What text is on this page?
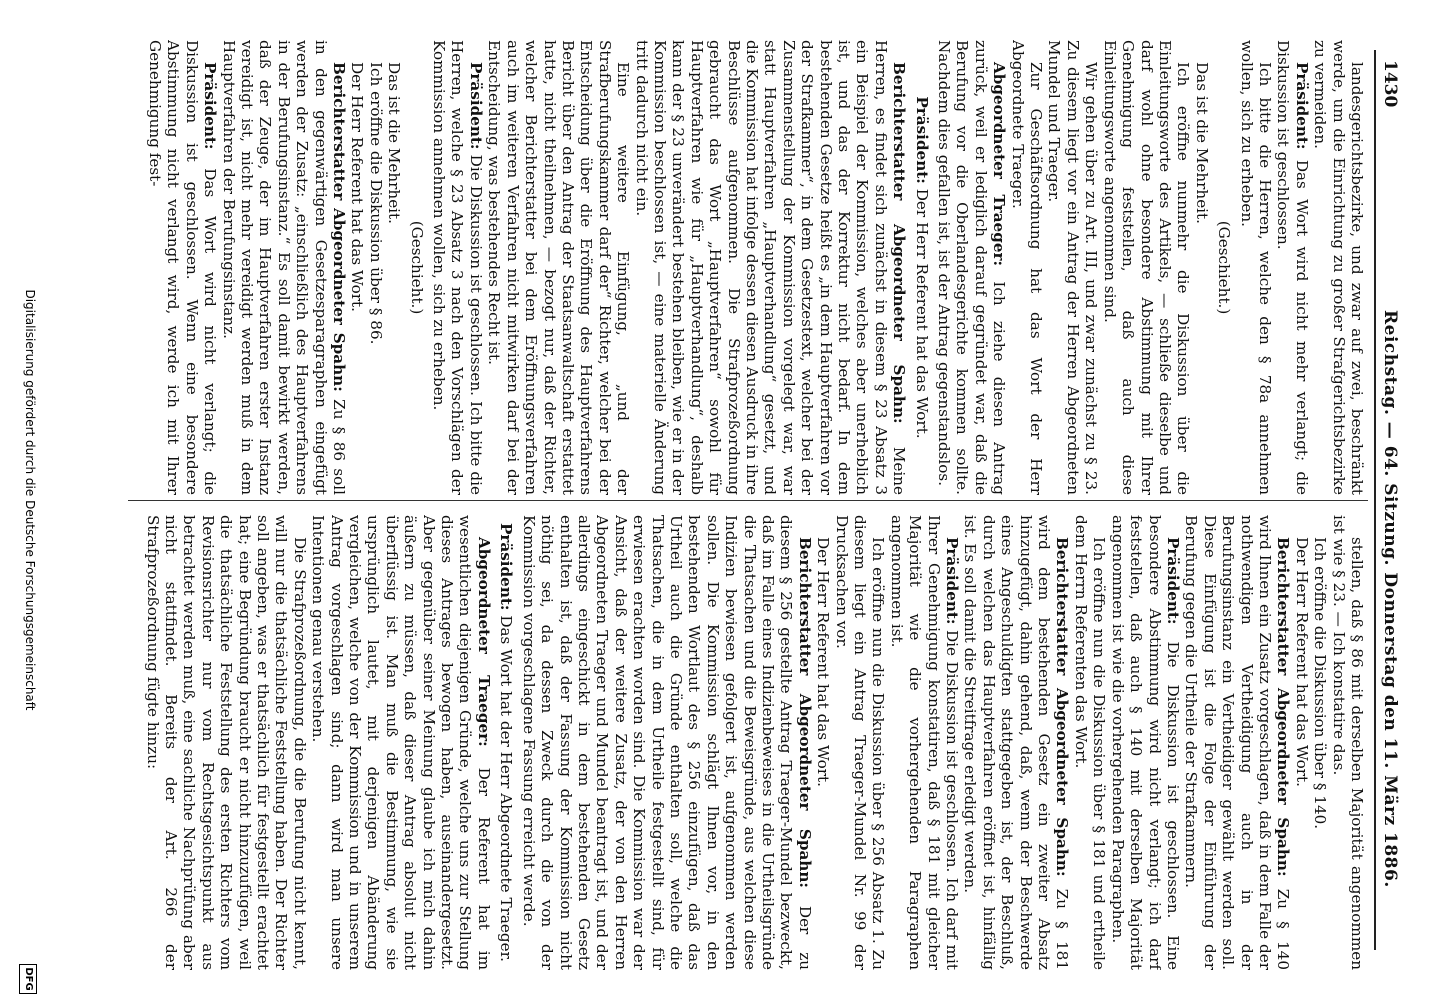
1430
Reichstag. — 64. Sitzung. Donnerstag den 11. März 1886.

landesgerichtsbezirke, und zwar auf zwei, beschränkt werde, um die Einrichtung zu großer Strafgerichtsbezirke zu vermeiden.

Präsident: Das Wort wird nicht mehr verlangt; die Diskussion ist geschlossen.

Ich bitte die Herren, welche den § 78a annehmen wollen, sich zu erheben.

(Geschieht.)

Das ist die Mehrheit.

Ich eröffne nunmehr die Diskussion über die Einleitungsworte des Artikels, — schließe dieselbe und darf wohl ohne besondere Abstimmung mit Ihrer Genehmigung feststellen, daß auch diese Einleitungsworte angenommen sind.

Wir gehen über zu Art. III, und zwar zunächst zu § 23. Zu diesem liegt vor ein Antrag der Herren Abgeordneten Mundel und Traeger.

Zur Geschäftsordnung hat das Wort der Herr Abgeordnete Traeger.

Abgeordneter Traeger: Ich ziehe diesen Antrag zurück, weil er lediglich darauf gegründet war, daß die Berufung vor die Oberlandesgerichte kommen sollte. Nachdem dies gefallen ist, ist der Antrag gegenstandslos.

Präsident: Der Herr Referent hat das Wort.

Berichterstatter Abgeordneter Spahn: Meine Herren, es findet sich zunächst in diesem § 23 Absatz 3 ein Beispiel der Kommission, welches aber unerheblich ist, und das der Korrektur nicht bedarf. In dem bestehenden Gesetze heißt es „in dem Hauptverfahren vor der Strafkammer“, in dem Gesetzestext, welcher bei der Zusammenstellung der Kommission vorgelegt war, war statt Hauptverfahren „Hauptverhandlung“ gesetzt, und die Kommission hat infolge dessen diesen Ausdruck in ihre Beschlüsse aufgenommen. Die Strafprozeßordnung gebraucht das Wort „Hauptverfahren“ sowohl für Hauptverfahren wie für „Hauptverhandlung“, deshalb kann der § 23 unverändert bestehen bleiben, wie er in der Kommission beschlossen ist, — eine materielle Änderung tritt dadurch nicht ein.

Eine weitere Einfügung, „und der Strafberufungskammer darf der“ Richter, welcher bei der Entscheidung über die Eröffnung des Hauptverfahrens Bericht über den Antrag der Staatsanwaltschaft erstattet hatte, nicht theilnehmen, — bezogt nur, daß der Richter, welcher Berichterstatter bei dem Eröffnungsverfahren auch im weiteren Verfahren nicht mitwirken darf bei der Entscheidung, was bestehendes Recht ist.

Präsident: Die Diskussion ist geschlossen. Ich bitte die Herren, welche § 23 Absatz 3 nach den Vorschlägen der Kommission annehmen wollen, sich zu erheben.

(Geschieht.)

Das ist die Mehrheit.

Ich eröffne die Diskussion über § 86.

Der Herr Referent hat das Wort.

Berichterstatter Abgeordneter Spahn: Zu § 86 soll in den gegenwärtigen Gesetzesparagraphen eingefügt werden der Zusatz: „einschließlich des Hauptverfahrens in der Berufungsinstanz.“ Es soll damit bewirkt werden, daß der Zeuge, der im Hauptverfahren erster Instanz vereidigt ist, nicht mehr vereidigt werden muß in dem Hauptverfahren der Berufungsinstanz.

Präsident: Das Wort wird nicht verlangt; die Diskussion ist geschlossen. Wenn eine besondere Abstimmung nicht verlangt wird, werde ich mit Ihrer Genehmigung fest-

stellen, daß § 86 mit derselben Majorität angenommen ist wie § 23. — Ich konstatire das.

Ich eröffne die Diskussion über § 140.

Der Herr Referent hat das Wort.

Berichterstatter Abgeordneter Spahn: Zu § 140 wird Ihnen ein Zusatz vorgeschlagen, daß in dem Falle der nothwendigen Vertheidigung auch in der Berufungsinstanz ein Vertheidiger gewählt werden soll. Diese Einfügung ist die Folge der Einführung der Berufung gegen die Urtheile der Strafkammern.

Präsident: Die Diskussion ist geschlossen. Eine besondere Abstimmung wird nicht verlangt; ich darf feststellen, daß auch § 140 mit derselben Majorität angenommen ist wie die vorhergehenden Paragraphen.

Ich eröffne nun die Diskussion über § 181 und ertheile dem Herrn Referenten das Wort.

Berichterstatter Abgeordneter Spahn: Zu § 181 wird dem bestehenden Gesetz ein zweiter Absatz hinzugefügt, dahin gehend, daß, wenn der Beschwerde eines Angeschuldigten stattgegeben ist, der Beschluß, durch welchen das Hauptverfahren eröffnet ist, hinfällig ist. Es soll damit die Streitfrage erledigt werden.

Präsident: Die Diskussion ist geschlossen. Ich darf mit Ihrer Genehmigung konstatiren, daß § 181 mit gleicher Majorität wie die vorhergehenden Paragraphen angenommen ist.

Ich eröffne nun die Diskussion über § 256 Absatz 1. Zu diesem liegt ein Antrag Traeger-Mundel Nr. 99 der Drucksachen vor.

Der Herr Referent hat das Wort.

Berichterstatter Abgeordneter Spahn: Der zu diesem § 256 gestellte Antrag Traeger-Mundel bezweckt, daß im Falle eines Indizienbeweises in die Urtheilsgründe die Thatsachen und die Beweisgründe, aus welchen diese Indizien bewiesen gefolgert ist, aufgenommen werden sollen. Die Kommission schlägt Ihnen vor, in den bestehenden Wortlaut des § 256 einzufügen, daß das Urtheil auch die Gründe enthalten soll, welche die Thatsachen, die in dem Urtheile festgestellt sind, für erwiesen erachten worden sind. Die Kommission war der Ansicht, daß der weitere Zusatz, der von den Herren Abgeordneten Traeger und Mundel beantragt ist, und der allerdings eingeschickt in dem bestehenden Gesetz enthalten ist, daß der Fassung der Kommission nicht nöthig sei, da dessen Zweck durch die von der Kommission vorgeschlagene Fassung erreicht werde.

Präsident: Das Wort hat der Herr Abgeordnete Traeger.

Abgeordneter Traeger: Der Referent hat im wesentlichen diejenigen Gründe, welche uns zur Stellung dieses Antrages bewogen haben, auseinandergesetzt. Aber gegenüber seiner Meinung glaube ich mich dahin äußern zu müssen, daß dieser Antrag absolut nicht überflüssig ist. Man muß die Bestimmung, wie sie ursprünglich lautet, mit derjenigen Abänderung vergleichen, welche von der Kommission und in unserem Antrag vorgeschlagen sind; dann wird man unsere Intentionen genau verstehen.

Die Strafprozeßordnung, die die Berufung nicht kennt, will nur die thatsächliche Feststellung haben. Der Richter soll angeben, was er thatsächlich für festgestellt erachtet hat; eine Begründung braucht er nicht hinzuzufügen, weil die thatsächliche Feststellung des ersten Richters vom Revisionsrichter nur vom Rechtsgesichtspunkt aus betrachtet werden muß, eine sachliche Nachprüfung aber nicht stattfindet. Bereits der Art. 266 der Strafprozeßordnung fügte hinzu:

Digitalisierung gefördert durch die Deutsche Forschungsgemeinschaft
DFG
